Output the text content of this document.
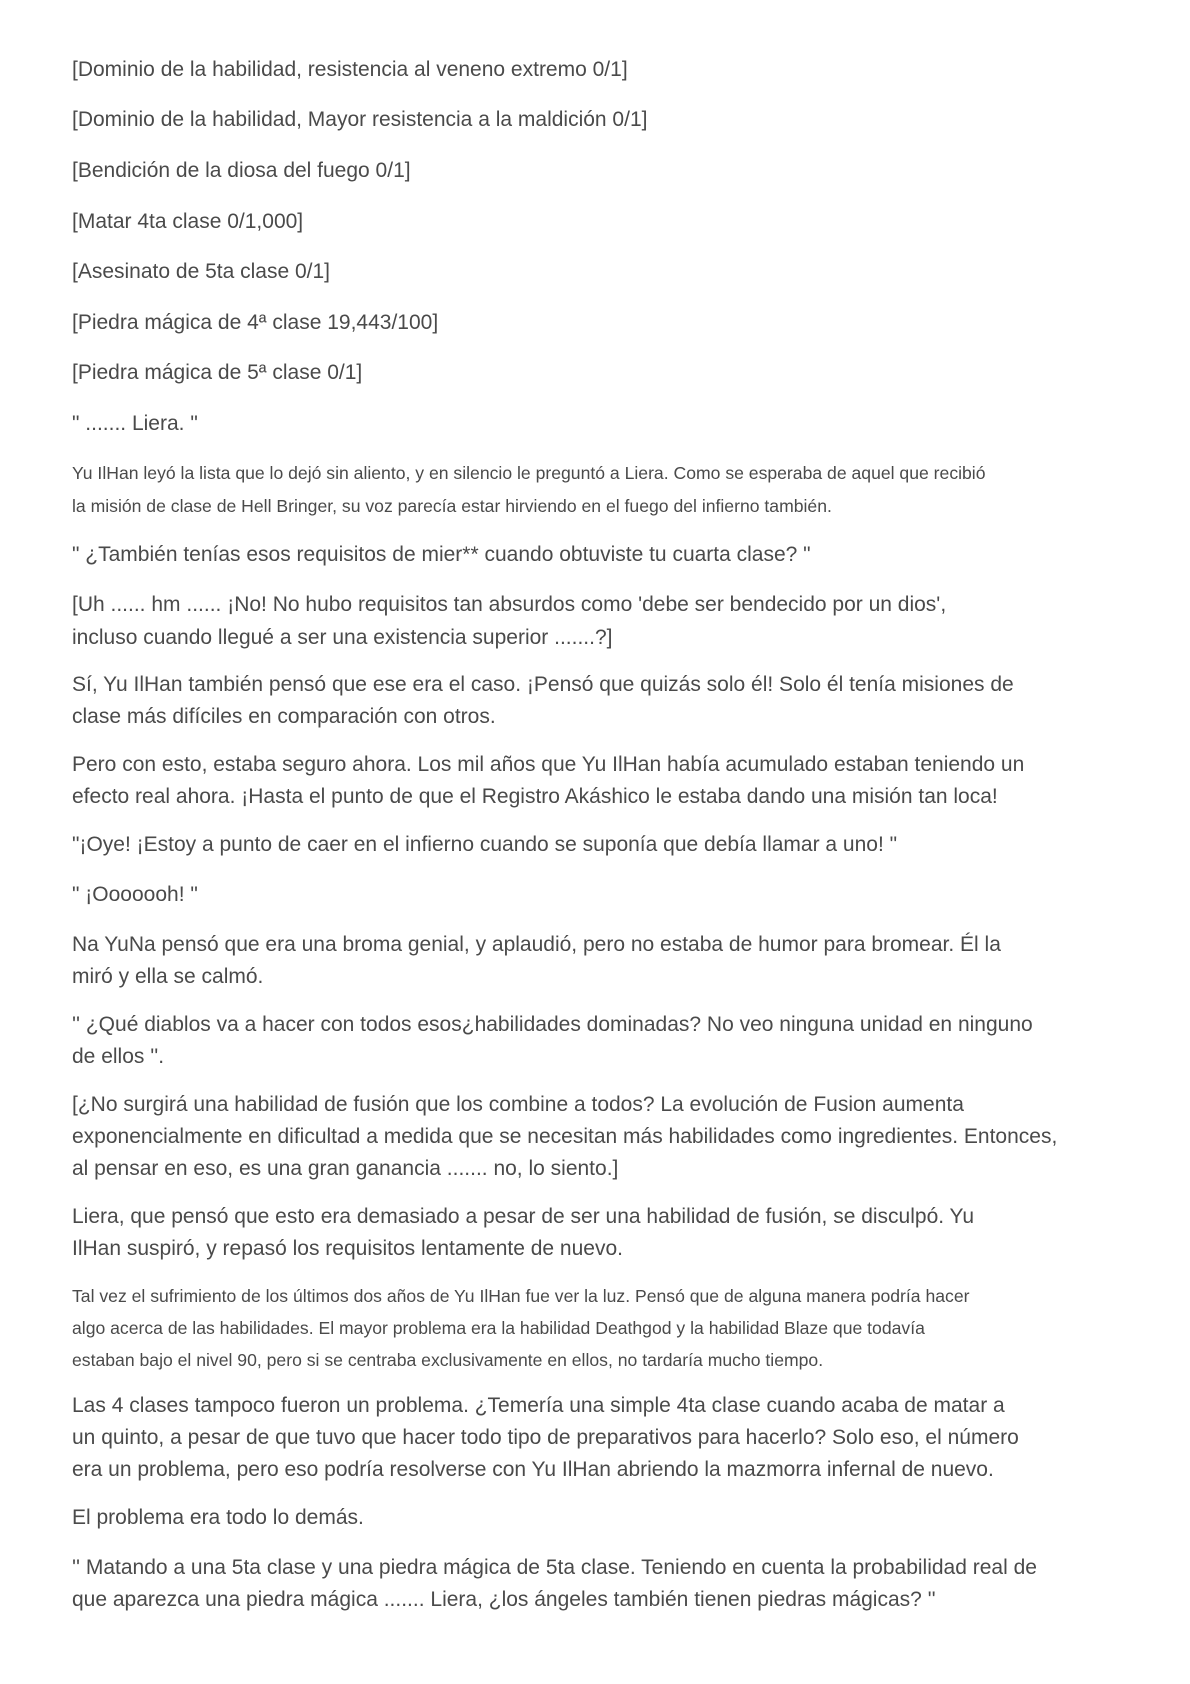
[Dominio de la habilidad, resistencia al veneno extremo 0/1]

[Dominio de la habilidad, Mayor resistencia a la maldición 0/1]

[Bendición de la diosa del fuego 0/1]

[Matar 4ta clase 0/1,000]

[Asesinato de 5ta clase 0/1]

[Piedra mágica de 4ª clase 19,443/100]

[Piedra mágica de 5ª clase 0/1]

" ....... Liera. "

Yu IlHan leyó la lista que lo dejó sin aliento, y en silencio le preguntó a Liera. Como se esperaba de aquel que recibió

la misión de clase de Hell Bringer, su voz parecía estar hirviendo en el fuego del infierno también.

" ¿También tenías esos requisitos de mier** cuando obtuviste tu cuarta clase? "

[Uh ...... hm ...... ¡No! No hubo requisitos tan absurdos como 'debe ser bendecido por un dios',

incluso cuando llegué a ser una existencia superior .......?]

Sí, Yu IlHan también pensó que ese era el caso. ¡Pensó que quizás solo él! Solo él tenía misiones de

clase más difíciles en comparación con otros.

Pero con esto, estaba seguro ahora. Los mil años que Yu IlHan había acumulado estaban teniendo un

efecto real ahora. ¡Hasta el punto de que el Registro Akáshico le estaba dando una misión tan loca!

"¡Oye! ¡Estoy a punto de caer en el infierno cuando se suponía que debía llamar a uno! "

" ¡Ooooooh! "

Na YuNa pensó que era una broma genial, y aplaudió, pero no estaba de humor para bromear. Él la

miró y ella se calmó.

'' ¿Qué diablos va a hacer con todos esos¿habilidades dominadas? No veo ninguna unidad en ninguno

de ellos ''.

[¿No surgirá una habilidad de fusión que los combine a todos? La evolución de Fusion aumenta

exponencialmente en dificultad a medida que se necesitan más habilidades como ingredientes. Entonces,

al pensar en eso, es una gran ganancia ....... no, lo siento.]

Liera, que pensó que esto era demasiado a pesar de ser una habilidad de fusión, se disculpó. Yu

IlHan suspiró, y repasó los requisitos lentamente de nuevo.

Tal vez el sufrimiento de los últimos dos años de Yu IlHan fue ver la luz. Pensó que de alguna manera podría hacer

algo acerca de las habilidades. El mayor problema era la habilidad Deathgod y la habilidad Blaze que todavía

estaban bajo el nivel 90, pero si se centraba exclusivamente en ellos, no tardaría mucho tiempo.

Las 4 clases tampoco fueron un problema. ¿Temería una simple 4ta clase cuando acaba de matar a

un quinto, a pesar de que tuvo que hacer todo tipo de preparativos para hacerlo? Solo eso, el número

era un problema, pero eso podría resolverse con Yu IlHan abriendo la mazmorra infernal de nuevo.

El problema era todo lo demás.

'' Matando a una 5ta clase y una piedra mágica de 5ta clase. Teniendo en cuenta la probabilidad real de

que aparezca una piedra mágica ....... Liera, ¿los ángeles también tienen piedras mágicas? ''
